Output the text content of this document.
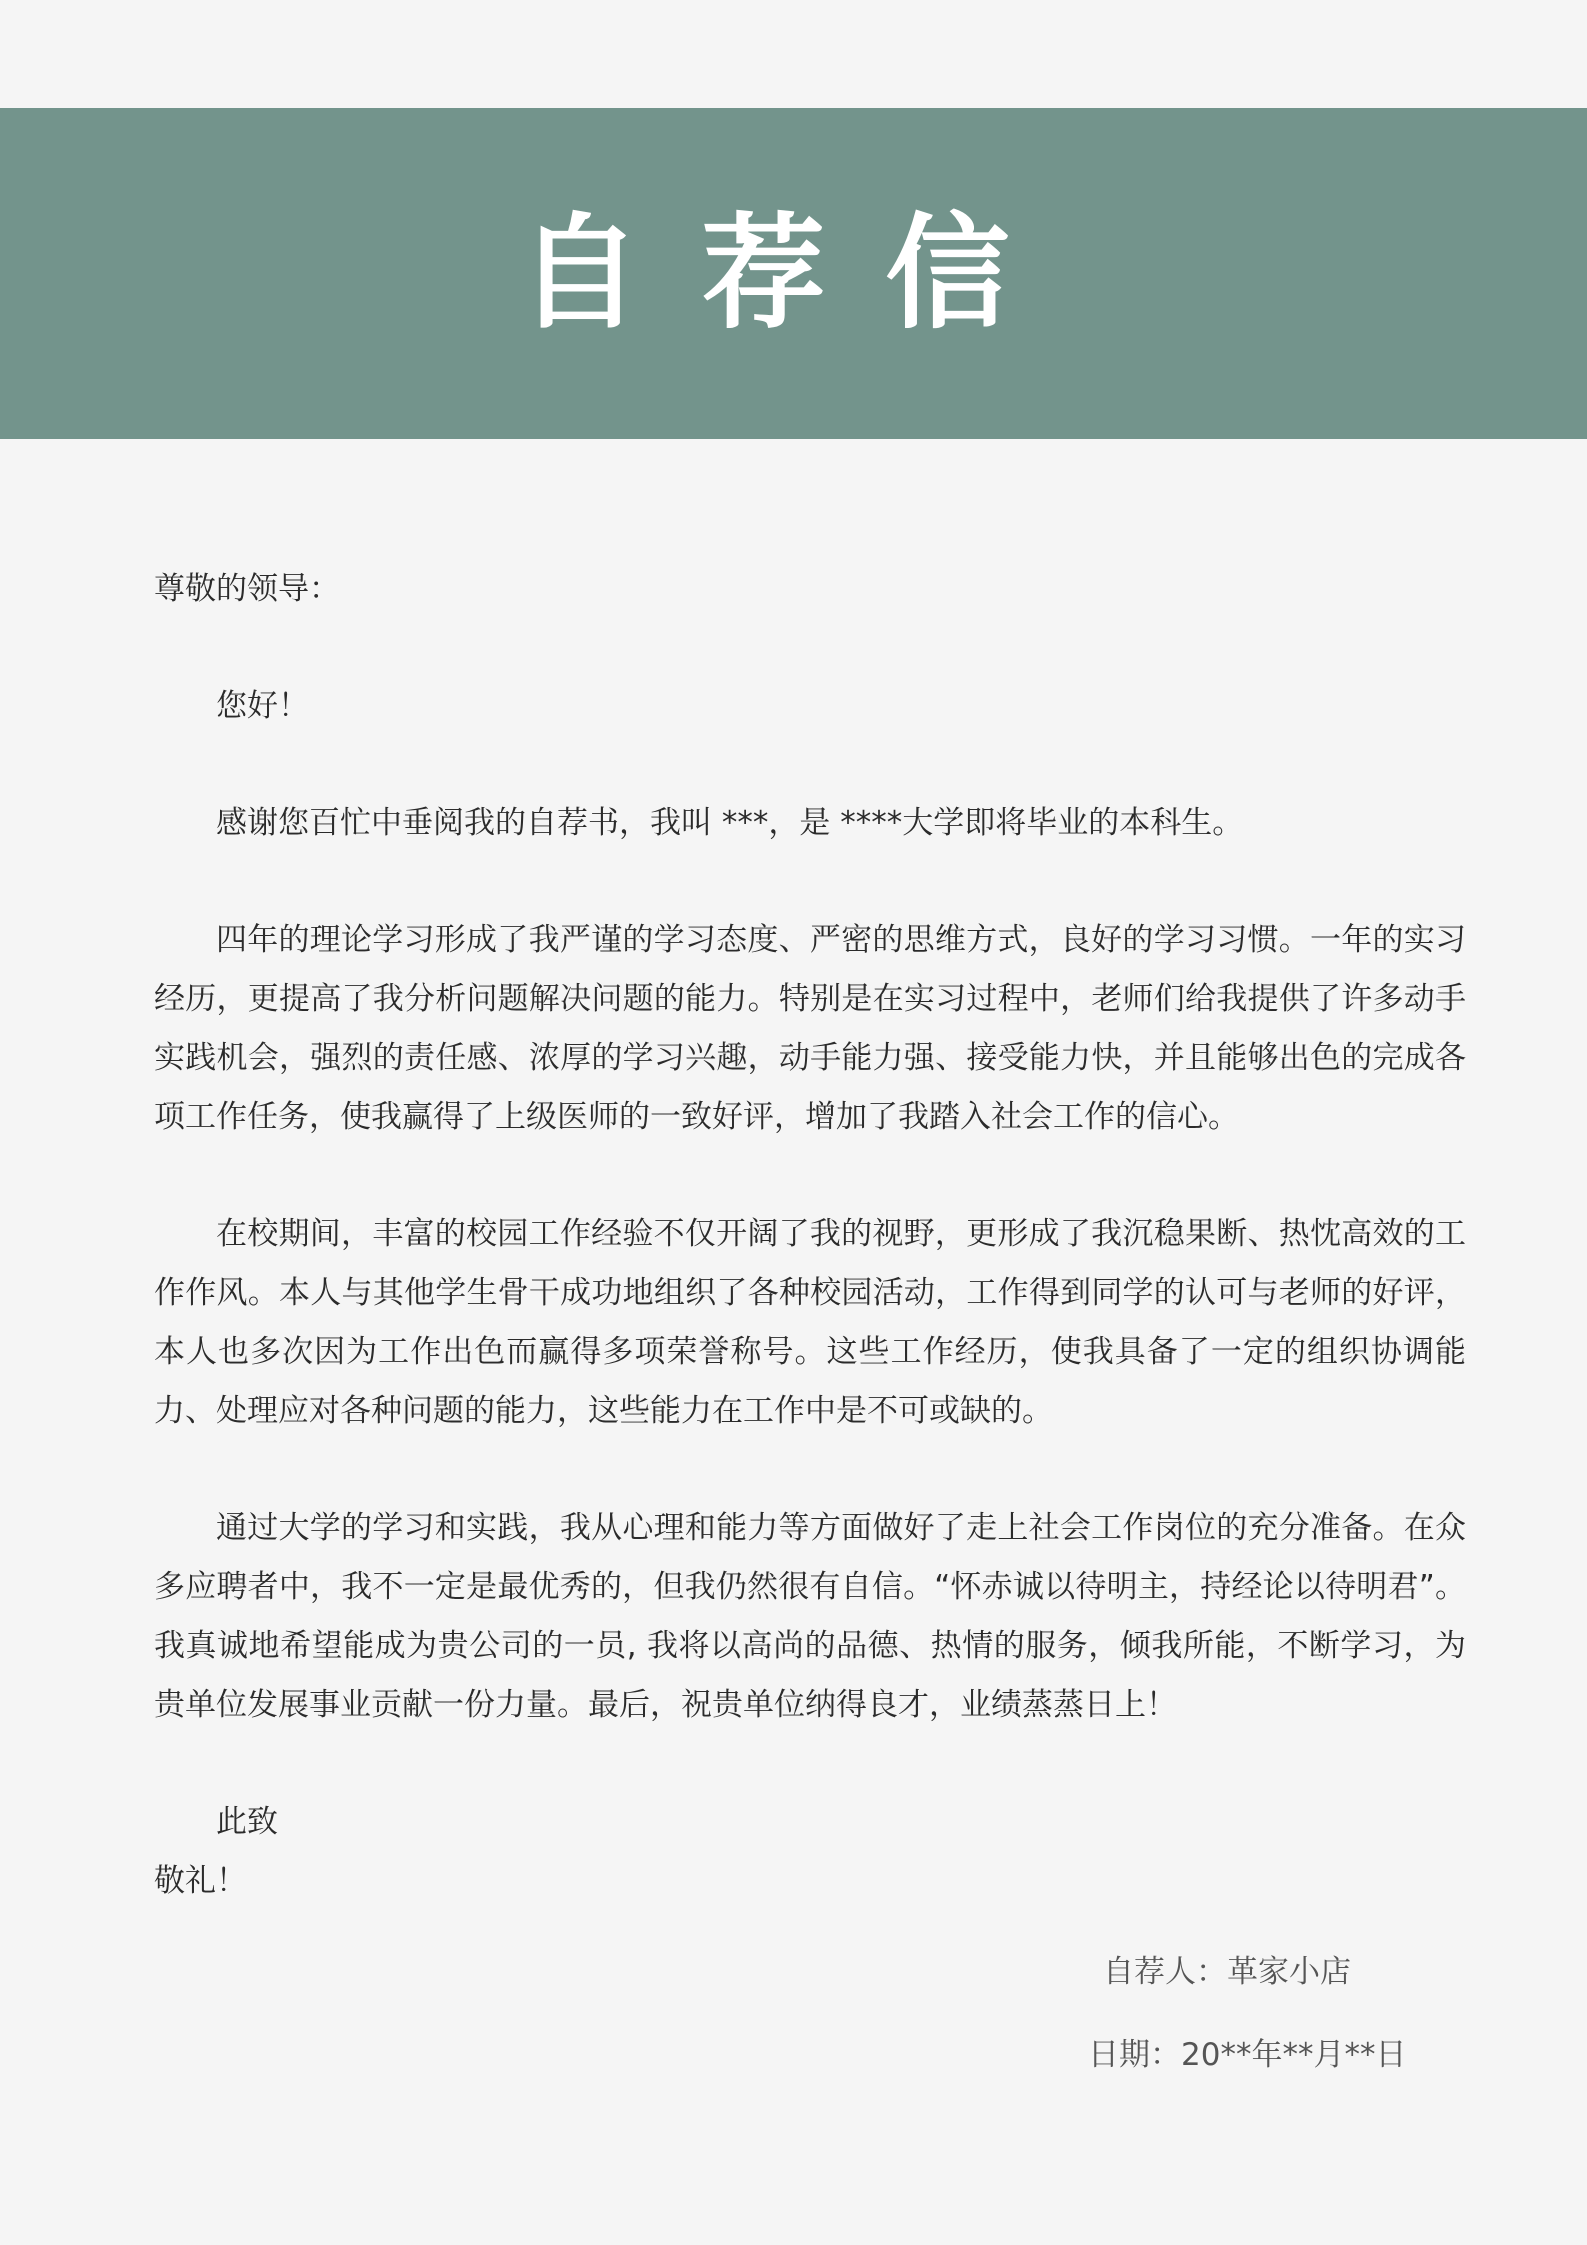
自荐信

尊敬的领导：

您好！

感谢您百忙中垂阅我的自荐书，我叫 ***，是 ****大学即将毕业的本科生。

四年的理论学习形成了我严谨的学习态度、严密的思维方式，良好的学习习惯。一年的实习经历，更提高了我分析问题解决问题的能力。特别是在实习过程中，老师们给我提供了许多动手实践机会，强烈的责任感、浓厚的学习兴趣，动手能力强、接受能力快，并且能够出色的完成各项工作任务，使我赢得了上级医师的一致好评，增加了我踏入社会工作的信心。

在校期间，丰富的校园工作经验不仅开阔了我的视野，更形成了我沉稳果断、热忱高效的工作作风。本人与其他学生骨干成功地组织了各种校园活动，工作得到同学的认可与老师的好评，本人也多次因为工作出色而赢得多项荣誉称号。这些工作经历，使我具备了一定的组织协调能力、处理应对各种问题的能力，这些能力在工作中是不可或缺的。

通过大学的学习和实践，我从心理和能力等方面做好了走上社会工作岗位的充分准备。在众多应聘者中，我不一定是最优秀的，但我仍然很有自信。“怀赤诚以待明主，持经论以待明君”。我真诚地希望能成为贵公司的一员, 我将以高尚的品德、热情的服务，倾我所能，不断学习，为贵单位发展事业贡献一份力量。最后，祝贵单位纳得良才，业绩蒸蒸日上！

此致
敬礼！
自荐人：革家小店
日期：20**年**月**日
